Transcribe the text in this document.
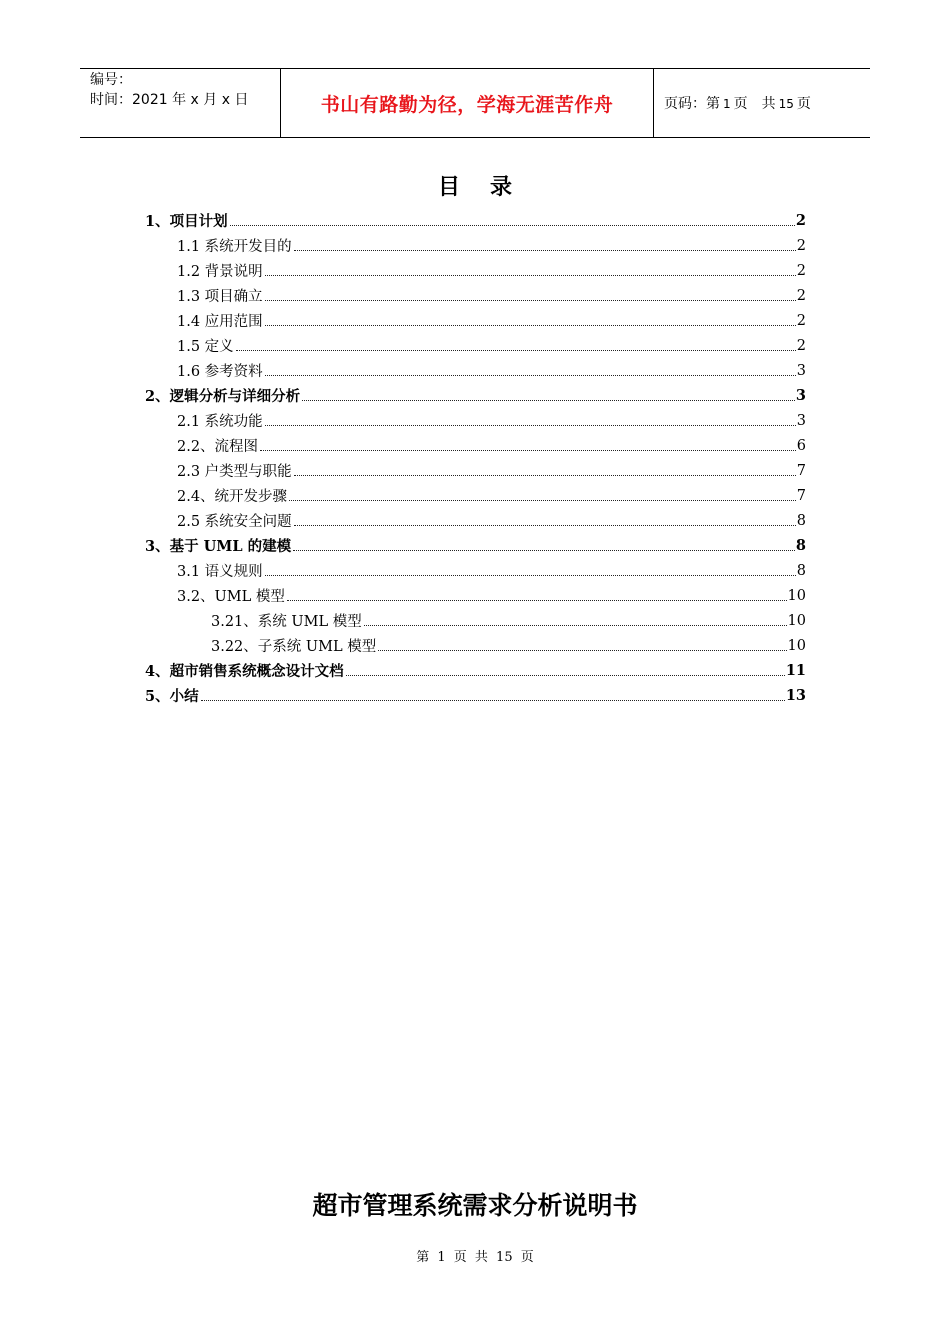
编号：
时间：2021 年 x 月 x 日	书山有路勤为径，学海无涯苦作舟	页码：第 1 页　共 15 页
目录
1、项目计划	2
1.1 系统开发目的	2
1.2 背景说明	2
1.3 项目确立	2
1.4 应用范围	2
1.5 定义	2
1.6 参考资料	3
2、逻辑分析与详细分析	3
2.1 系统功能	3
2.2、流程图	6
2.3 户类型与职能	7
2.4、统开发步骤	7
2.5 系统安全问题	8
3、基于 UML 的建模	8
3.1 语义规则	8
3.2、UML 模型	10
3.21、系统 UML 模型	10
3.22、子系统 UML 模型	10
4、超市销售系统概念设计文档	11
5、小结	13
超市管理系统需求分析说明书
第 1 页 共 15 页
